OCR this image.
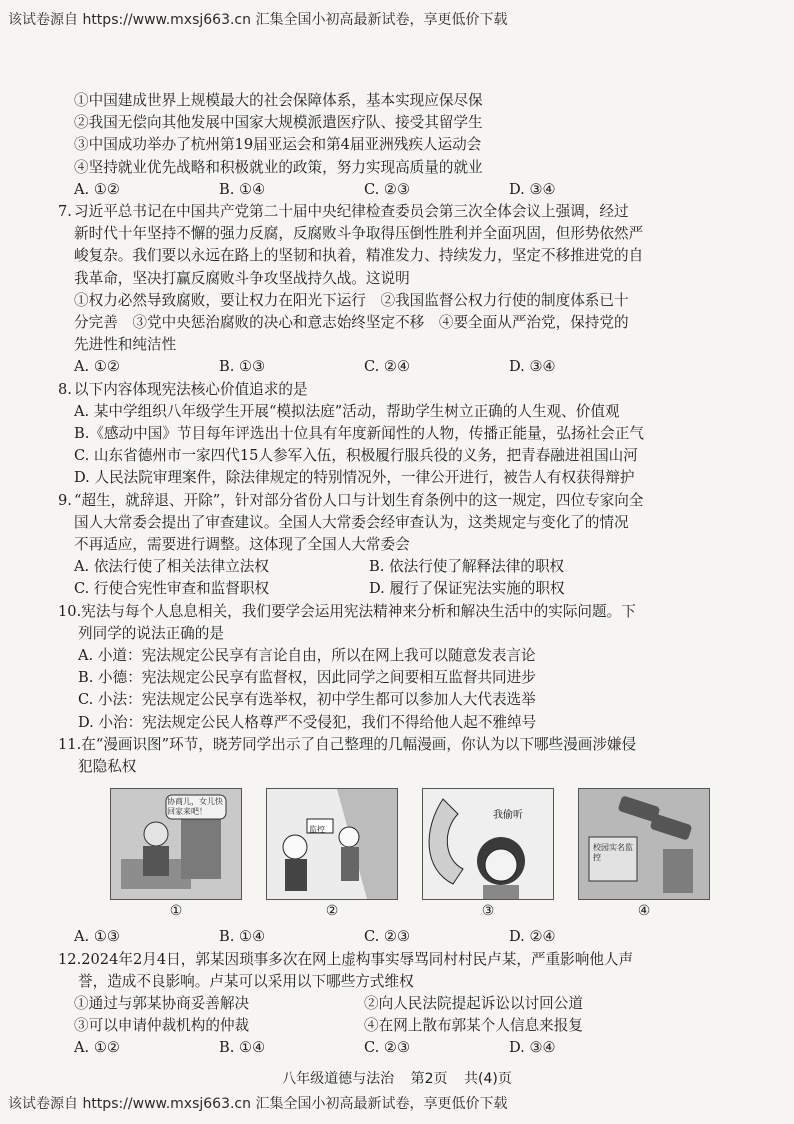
该试卷源自 https://www.mxsj663.cn 汇集全国小初高最新试卷，享更低价下载
①中国建成世界上规模最大的社会保障体系，基本实现应保尽保
②我国无偿向其他发展中国家大规模派遣医疗队、接受其留学生
③中国成功举办了杭州第19届亚运会和第4届亚洲残疾人运动会
④坚持就业优先战略和积极就业的政策，努力实现高质量的就业
A. ①②	B. ①④	C. ②③	D. ③④
7. 习近平总书记在中国共产党第二十届中央纪律检查委员会第三次全体会议上强调，经过
新时代十年坚持不懈的强力反腐，反腐败斗争取得压倒性胜利并全面巩固，但形势依然严
峻复杂。我们要以永远在路上的坚韧和执着，精准发力、持续发力，坚定不移推进党的自
我革命，坚决打赢反腐败斗争攻坚战持久战。这说明
①权力必然导致腐败，要让权力在阳光下运行　②我国监督公权力行使的制度体系已十
分完善　③党中央惩治腐败的决心和意志始终坚定不移　④要全面从严治党，保持党的
先进性和纯洁性
A. ①②	B. ①③	C. ②④	D. ③④
8. 以下内容体现宪法核心价值追求的是
A. 某中学组织八年级学生开展“模拟法庭”活动，帮助学生树立正确的人生观、价值观
B.《感动中国》节目每年评选出十位具有年度新闻性的人物，传播正能量，弘扬社会正气
C. 山东省德州市一家四代15人参军入伍，积极履行服兵役的义务，把青春融进祖国山河
D. 人民法院审理案件，除法律规定的特别情况外，一律公开进行，被告人有权获得辩护
9. “超生，就辞退、开除”，针对部分省份人口与计划生育条例中的这一规定，四位专家向全
国人大常委会提出了审查建议。全国人大常委会经审查认为，这类规定与变化了的情况
不再适应，需要进行调整。这体现了全国人大常委会
A. 依法行使了相关法律立法权	B. 依法行使了解释法律的职权
C. 行使合宪性审查和监督职权	D. 履行了保证宪法实施的职权
10.宪法与每个人息息相关，我们要学会运用宪法精神来分析和解决生活中的实际问题。下
列同学的说法正确的是
A. 小道：宪法规定公民享有言论自由，所以在网上我可以随意发表言论
B. 小德：宪法规定公民享有监督权，因此同学之间要相互监督共同进步
C. 小法：宪法规定公民享有选举权，初中学生都可以参加人大代表选举
D. 小治：宪法规定公民人格尊严不受侵犯，我们不得给他人起不雅绰号
11.在“漫画识图”环节，晓芳同学出示了自己整理的几幅漫画，你认为以下哪些漫画涉嫌侵
犯隐私权
协商儿，女儿快回家来吧！
①
监控
②
我偷听
③
校园实名监控
④
A. ①③	B. ①④	C. ②③	D. ②④
12.2024年2月4日，郭某因琐事多次在网上虚构事实辱骂同村村民卢某，严重影响他人声
誉，造成不良影响。卢某可以采用以下哪些方式维权
①通过与郭某协商妥善解决	②向人民法院提起诉讼以讨回公道
③可以申请仲裁机构的仲裁	④在网上散布郭某个人信息来报复
A. ①②	B. ①④	C. ②③	D. ③④
八年级道德与法治 第2页 共(4)页
该试卷源自 https://www.mxsj663.cn 汇集全国小初高最新试卷，享更低价下载
